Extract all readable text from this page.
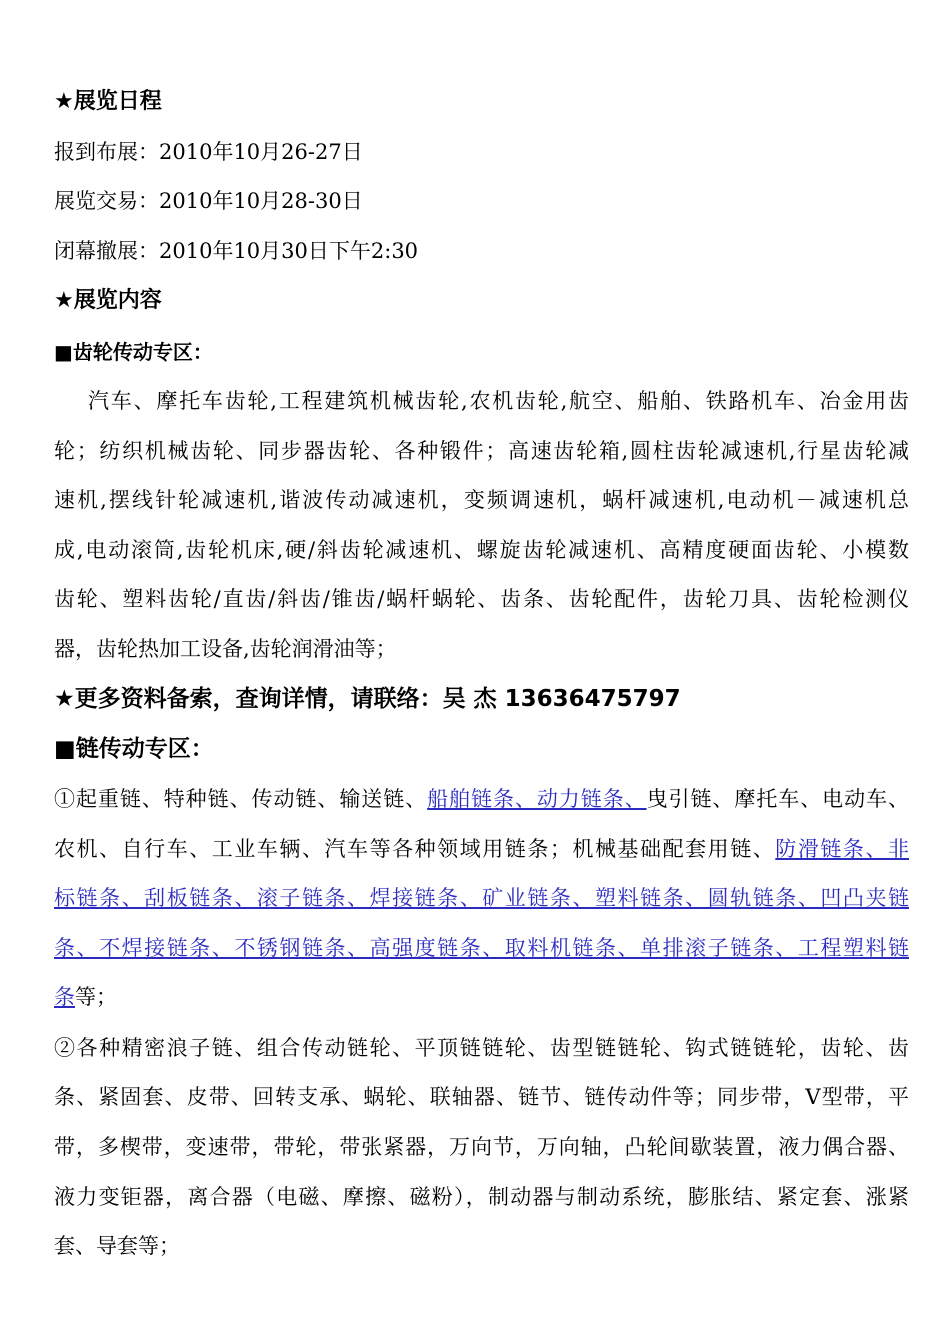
★展览日程
报到布展：2010年10月26-27日
展览交易：2010年10月28-30日
闭幕撤展：2010年10月30日下午2:30
★展览内容
■齿轮传动专区：
汽车、摩托车齿轮,工程建筑机械齿轮,农机齿轮,航空、船舶、铁路机车、冶金用齿
轮；纺织机械齿轮、同步器齿轮、各种锻件；高速齿轮箱,圆柱齿轮减速机,行星齿轮减
速机,摆线针轮减速机,谐波传动减速机，变频调速机，蜗杆减速机,电动机－减速机总
成,电动滚筒,齿轮机床,硬/斜齿轮减速机、螺旋齿轮减速机、高精度硬面齿轮、小模数
齿轮、塑料齿轮/直齿/斜齿/锥齿/蜗杆蜗轮、齿条、齿轮配件，齿轮刀具、齿轮检测仪
器，齿轮热加工设备,齿轮润滑油等；
★更多资料备索，查询详情，请联络：吴 杰 13636475797
■链传动专区：
①起重链、特种链、传动链、输送链、船舶链条、动力链条、曳引链、摩托车、电动车、
农机、自行车、工业车辆、汽车等各种领域用链条；机械基础配套用链、防滑链条、非
标链条、刮板链条、滚子链条、焊接链条、矿业链条、塑料链条、圆轨链条、凹凸夹链
条、不焊接链条、不锈钢链条、高强度链条、取料机链条、单排滚子链条、工程塑料链
条等；
②各种精密浪子链、组合传动链轮、平顶链链轮、齿型链链轮、钩式链链轮，齿轮、齿
条、紧固套、皮带、回转支承、蜗轮、联轴器、链节、链传动件等；同步带，V型带，平
带，多楔带，变速带，带轮，带张紧器，万向节，万向轴，凸轮间歇装置，液力偶合器、
液力变钜器，离合器（电磁、摩擦、磁粉），制动器与制动系统，膨胀结、紧定套、涨紧
套、导套等；
